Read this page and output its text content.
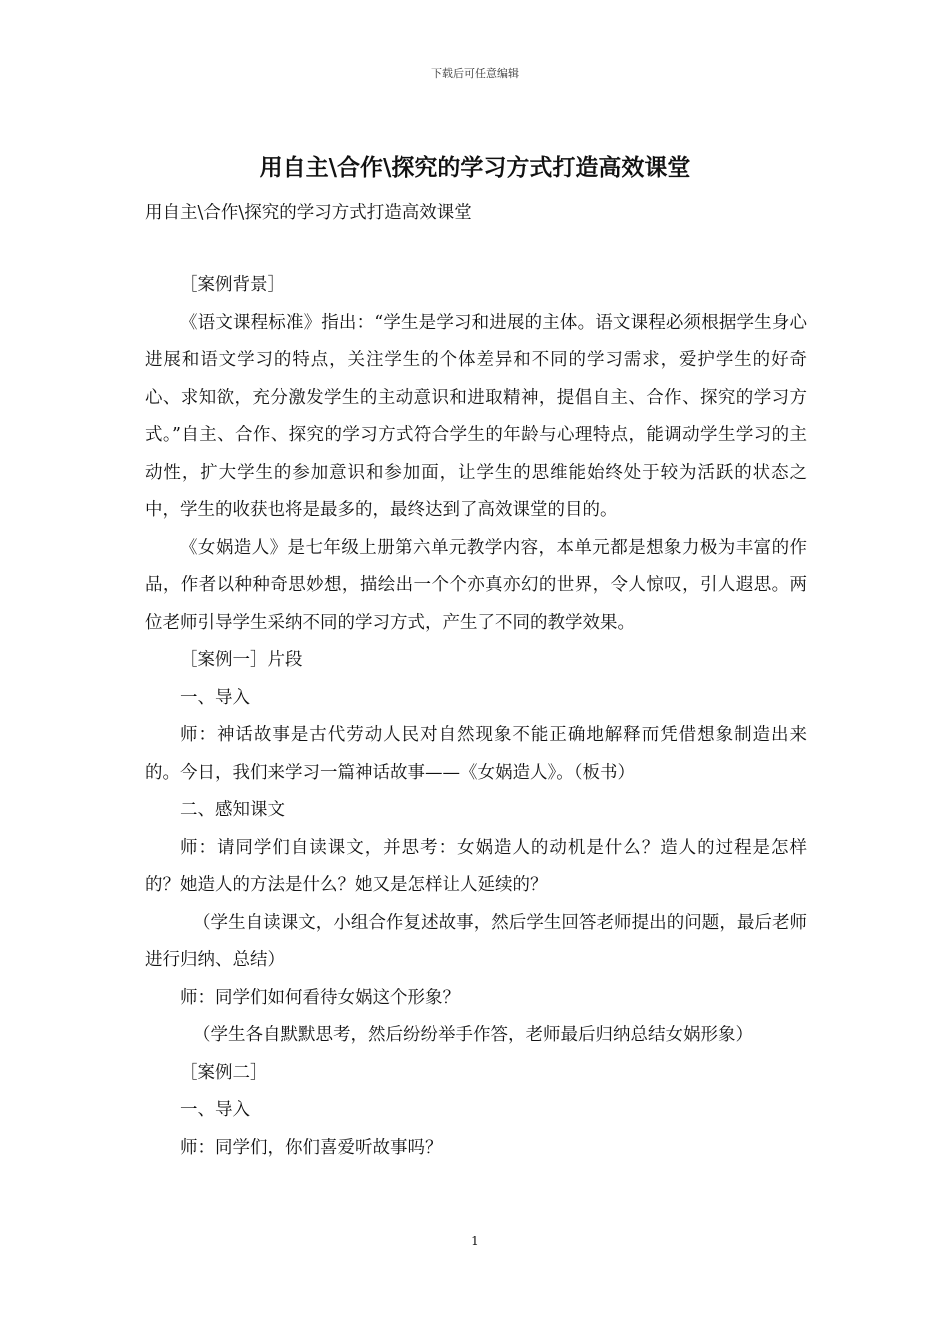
下载后可任意编辑
用自主\合作\探究的学习方式打造高效课堂
用自主\合作\探究的学习方式打造高效课堂

［案例背景］

《语文课程标准》指出：“学生是学习和进展的主体。语文课程必须根据学生身心进展和语文学习的特点，关注学生的个体差异和不同的学习需求，爱护学生的好奇心、求知欲，充分激发学生的主动意识和进取精神，提倡自主、合作、探究的学习方式。”自主、合作、探究的学习方式符合学生的年龄与心理特点，能调动学生学习的主动性，扩大学生的参加意识和参加面，让学生的思维能始终处于较为活跃的状态之中，学生的收获也将是最多的，最终达到了高效课堂的目的。

《女娲造人》是七年级上册第六单元教学内容，本单元都是想象力极为丰富的作品，作者以种种奇思妙想，描绘出一个个亦真亦幻的世界，令人惊叹，引人遐思。两位老师引导学生采纳不同的学习方式，产生了不同的教学效果。

［案例一］片段

一、导入

师：神话故事是古代劳动人民对自然现象不能正确地解释而凭借想象制造出来的。今日，我们来学习一篇神话故事——《女娲造人》。（板书）

二、感知课文

师：请同学们自读课文，并思考：女娲造人的动机是什么？造人的过程是怎样的？她造人的方法是什么？她又是怎样让人延续的？

（学生自读课文，小组合作复述故事，然后学生回答老师提出的问题，最后老师进行归纳、总结）

师：同学们如何看待女娲这个形象？

（学生各自默默思考，然后纷纷举手作答，老师最后归纳总结女娲形象）

［案例二］

一、导入

师：同学们，你们喜爱听故事吗？

1
